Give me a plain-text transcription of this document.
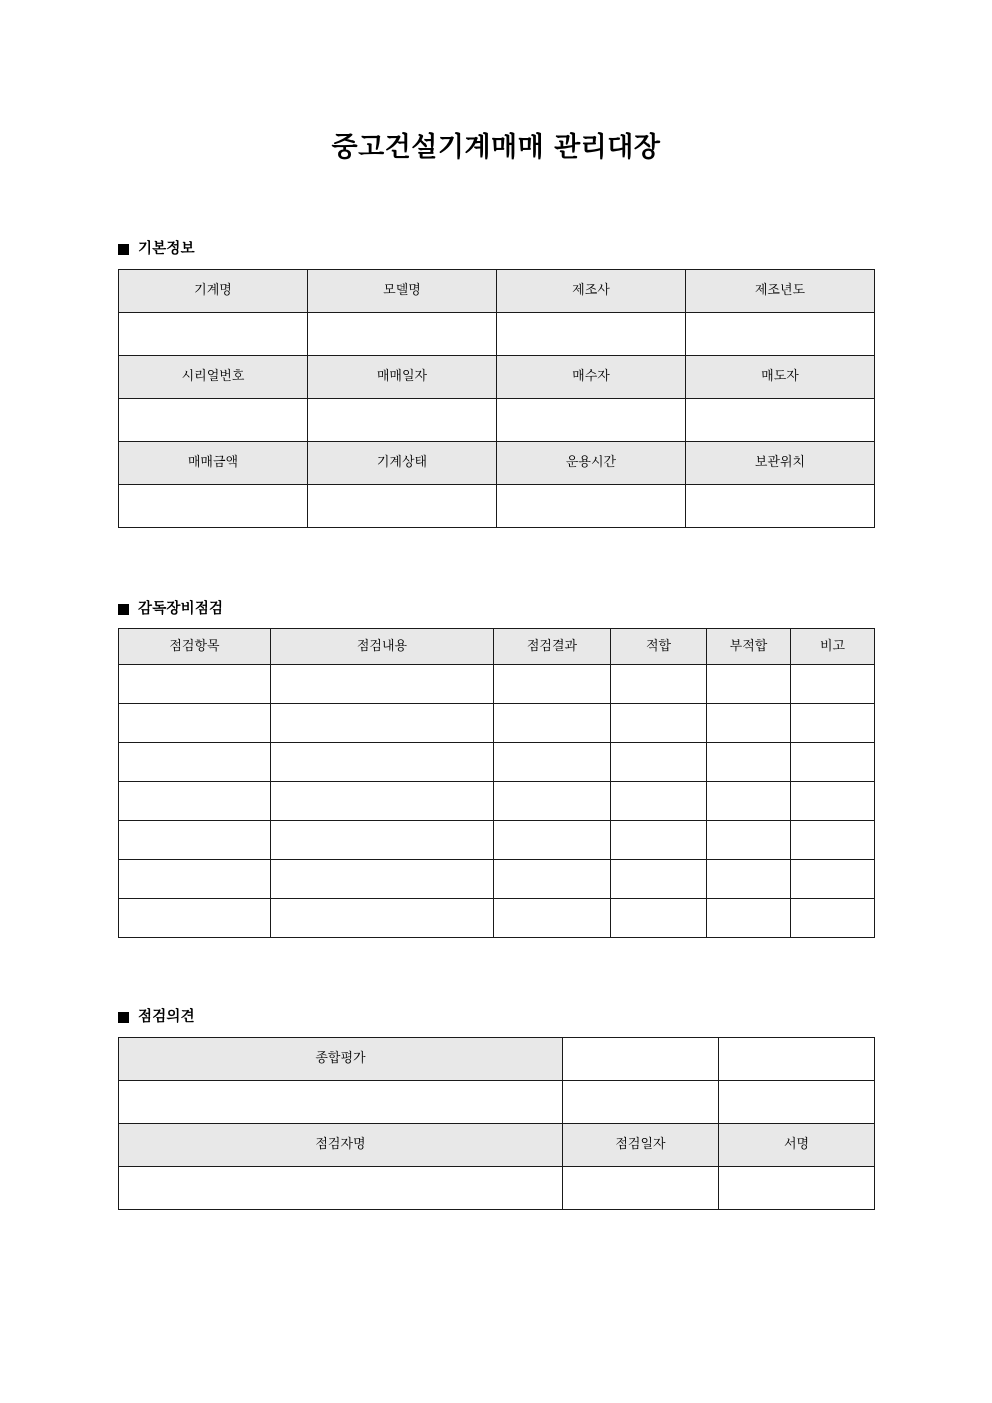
중고건설기계매매 관리대장
기본정보
기계명	모델명	제조사	제조년도

시리얼번호	매매일자	매수자	매도자

매매금액	기계상태	운용시간	보관위치

감독장비점검
점검항목	점검내용	점검결과	적합	부적합	비고

점검의견
종합평가		

점검자명	점검일자	서명
